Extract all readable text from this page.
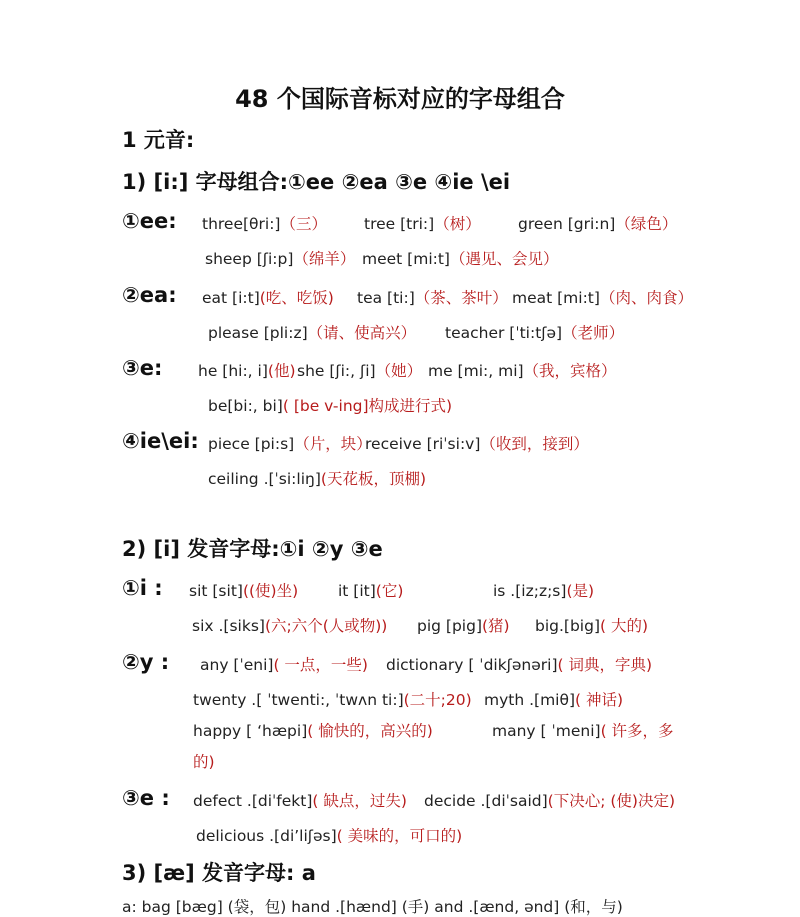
48 个国际音标对应的字母组合
1 元音:
1) [i:] 字母组合:①ee ②ea ③e ④ie \ei
①ee: three[θri:]（三） tree [tri:]（树） green [gri:n]（绿色）
sheep [ʃi:p]（绵羊） meet [mi:t]（遇见、会见）
②ea: eat [i:t](吃、吃饭) tea [ti:]（茶、茶叶） meat [mi:t]（肉、肉食）
please [pli:z]（请、使高兴） teacher [ˈti:tʃə]（老师）
③e: he [hi:, i](他) she [ʃi:, ʃi]（她） me [mi:, mi]（我，宾格）
be[bi:, bi]( [be v-ing]构成进行式)
④ie\ei: piece [pi:s]（片，块）
receive [riˈsi:v]（收到，接到）
ceiling .[ˈsi:liŋ](天花板，顶棚)
2) [i] 发音字母:①i ②y ③e
①i : sit [sit]((使)坐)	it [it](它)	is .[iz;z;s](是)
six .[siks](六;六个(人或物)) pig [pig](猪) big.[big]( 大的)
②y : any [ˈeni]( 一点，一些) dictionary [ ˈdikʃənəri]( 词典，字典)
twenty .[ ˈtwenti:, ˈtwʌn ti:](二十;20) myth .[miθ]( 神话)
happy [ ‘hæpi]( 愉快的，高兴的)	many [ ˈmeni]( 许多，多
的)
③e : defect .[diˈfekt]( 缺点，过失) decide .[diˈsaid](下决心; (使)决定)
delicious .[di’liʃəs]( 美味的，可口的)
3) [æ] 发音字母: a
a: bag [bæg] (袋，包) hand .[hænd] (手) and .[ænd, ənd] (和，与)
